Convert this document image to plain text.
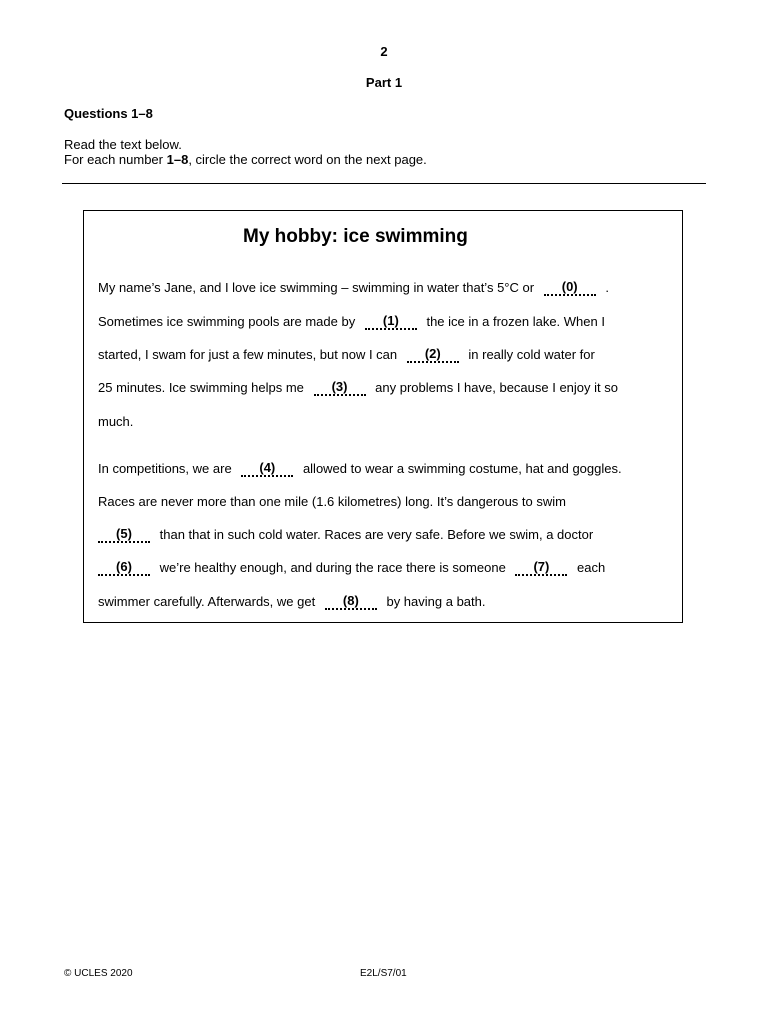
2
Part 1
Questions 1–8
Read the text below.
For each number 1–8, circle the correct word on the next page.
My hobby: ice swimming
My name’s Jane, and I love ice swimming – swimming in water that’s 5°C or (0) .
Sometimes ice swimming pools are made by (1) the ice in a frozen lake. When I
started, I swam for just a few minutes, but now I can (2) in really cold water for
25 minutes. Ice swimming helps me (3) any problems I have, because I enjoy it so
much.
In competitions, we are (4) allowed to wear a swimming costume, hat and goggles.
Races are never more than one mile (1.6 kilometres) long. It’s dangerous to swim
(5) than that in such cold water. Races are very safe. Before we swim, a doctor
(6) we’re healthy enough, and during the race there is someone (7) each
swimmer carefully. Afterwards, we get (8) by having a bath.
© UCLES 2020	E2L/S7/01
